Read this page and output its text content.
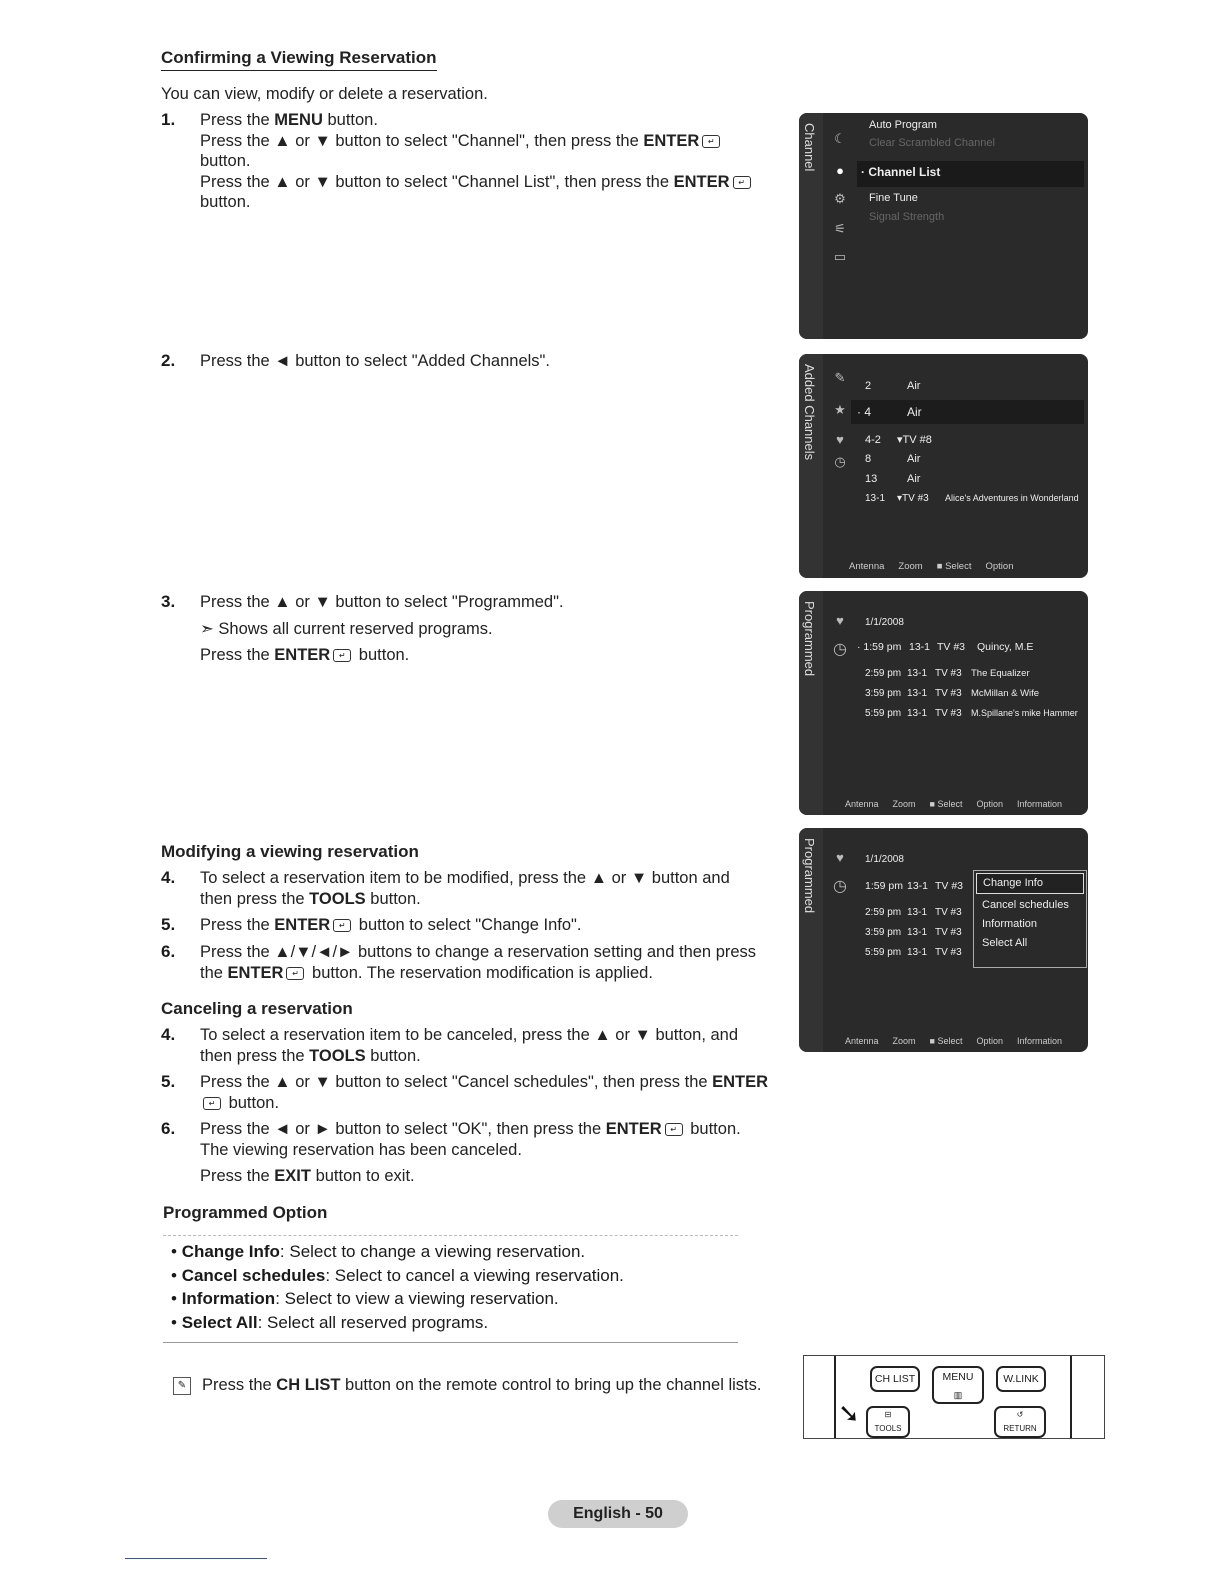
Confirming a Viewing Reservation
You can view, modify or delete a reservation.
1. Press the MENU button.
Press the ▲ or ▼ button to select "Channel", then press the ENTER ↵ button.
Press the ▲ or ▼ button to select "Channel List", then press the ENTER ↵ button.
2. Press the ◄ button to select "Added Channels".
3. Press the ▲ or ▼ button to select "Programmed".
➣ Shows all current reserved programs.
Press the ENTER ↵ button.
Modifying a viewing reservation
4. To select a reservation item to be modified, press the ▲ or ▼ button and then press the TOOLS button.
5. Press the ENTER ↵ button to select "Change Info".
6. Press the ▲/▼/◄/► buttons to change a reservation setting and then press the ENTER ↵ button. The reservation modification is applied.
Canceling a reservation
4. To select a reservation item to be canceled, press the ▲ or ▼ button, and then press the TOOLS button.
5. Press the ▲ or ▼ button to select "Cancel schedules", then press the ENTER↵ button.
6. Press the ◄ or ► button to select "OK", then press the ENTER ↵ button.
The viewing reservation has been canceled.
Press the EXIT button to exit.
Programmed Option
• Change Info: Select to change a viewing reservation.
• Cancel schedules: Select to cancel a viewing reservation.
• Information: Select to view a viewing reservation.
• Select All: Select all reserved programs.
✎ Press the CH LIST button on the remote control to bring up the channel lists.
Channel	☾
●
⚙
⚟
▭
Auto Program
Clear Scrambled Channel
· Channel List
Fine Tune
Signal Strength
Added Channels	✎
★
♥
◷
2	Air
· 4	Air
4-2 ▾TV #8
8	Air
13	Air
13-1 ▾TV #3 Alice's Adventures in Wonderland
Antenna Zoom ■ Select Option
Programmed	♥
◷
1/1/2008
· 1:59 pm 13-1 TV #3 Quincy, M.E
2:59 pm 13-1 TV #3 The Equalizer
3:59 pm 13-1 TV #3 McMillan & Wife
5:59 pm 13-1 TV #3 M.Spillane's mike Hammer
Antenna Zoom ■ Select Option Information
Programmed	♥
◷
1/1/2008
1:59 pm 13-1 TV #3
2:59 pm 13-1 TV #3
3:59 pm 13-1 TV #3
5:59 pm 13-1 TV #3
Change Info
Cancel schedules
Information
Select All
Antenna Zoom ■ Select Option Information
CH LIST	MENU
▥
W.LINK
⊟
TOOLS
↺
RETURN
➘
English - 50
